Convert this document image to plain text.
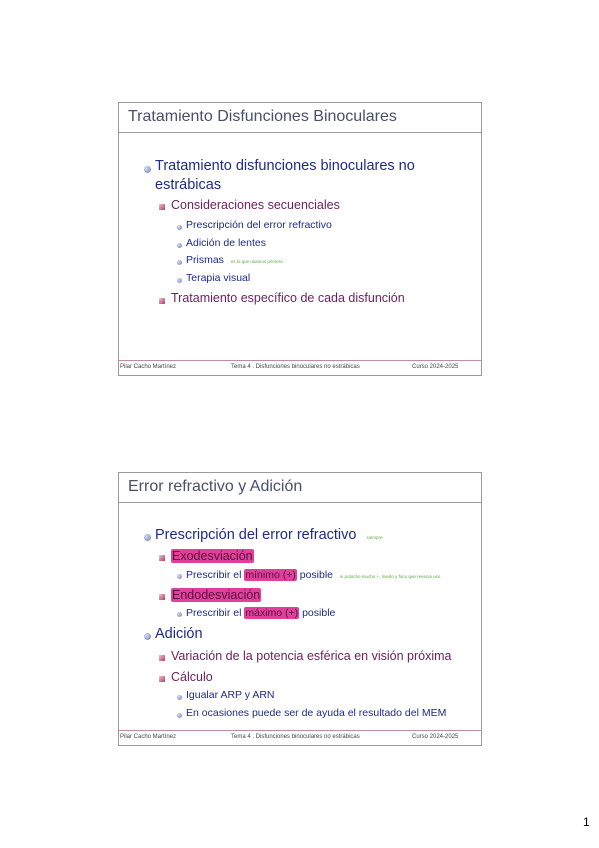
Tratamiento Disfunciones Binoculares
Tratamiento disfunciones binoculares no
estrábicas
Consideraciones secuenciales
Prescripción del error refractivo
Adición de lentes
Prismas es lo que usamos primero
Terapia visual
Tratamiento específico de cada disfunción
Pilar Cacho Martínez	Tema 4 . Disfunciones binoculares no estrábicas	Curso 2024-2025
Error refractivo y Adición
Prescripción del error refractivo siempre
Exodesviación
Prescribir el mínimo (+) posible si potocho mucho +, miedo y foco que reencia uso
Endodesviación
Prescribir el máximo (+) posible
Adición
Variación de la potencia esférica en visión próxima
Cálculo
Igualar ARP y ARN
En ocasiones puede ser de ayuda el resultado del MEM
Pilar Cacho Martínez	Tema 4 . Disfunciones binoculares no estrábicas	Curso 2024-2025
1
